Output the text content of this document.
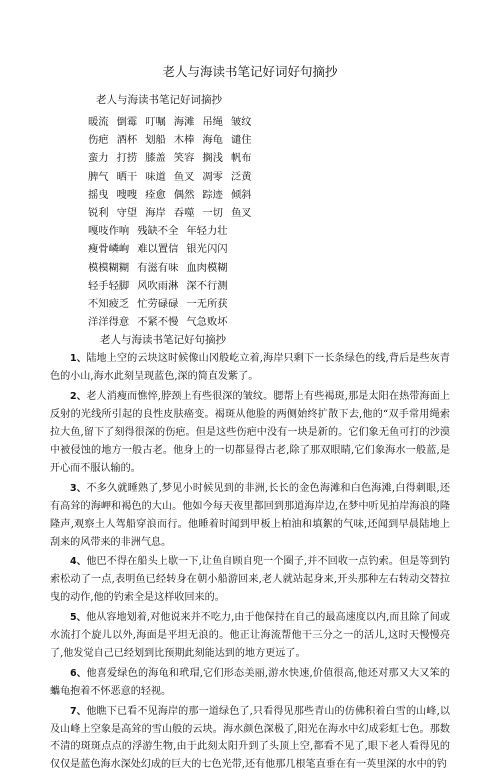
老人与海读书笔记好词好句摘抄
老人与海读书笔记好词摘抄
暖流 倒霉 叮嘱 海滩 吊绳 皱纹
伤疤 酒杯 划船 木棒 海龟 谴住
蛮力 打捞 膝盖 笑容 搁浅 帆布
脾气 晒干 味道 鱼叉 凋零 泛黄
摇曳 嗖嗖 痊愈 偶然 踪迹 倾斜
锐利 守望 海岸 吞噬 一切 鱼叉
嘎吱作响 残缺不全 年轻力壮
瘦骨嶙峋 难以置信 银光闪闪
模模糊糊 有滋有味 血肉模糊
轻手轻脚 风吹雨淋 深不行测
不知疲乏 忙劳碌碌 一无所获
洋洋得意 不紧不慢 气急败坏
老人与海读书笔记好句摘抄

1、陆地上空的云块这时候像山冈般屹立着,海岸只剩下一长条绿色的线,背后是些灰青色的小山,海水此刻呈现蓝色,深的简直发紫了。

2、老人消瘦而憔悴,脖颈上有些很深的皱纹。腮帮上有些褐斑,那是太阳在热带海面上反射的光线所引起的良性皮肤癌变。褐斑从他脸的两侧始终扩散下去,他的“双手常用绳索拉大鱼,留下了刻得很深的伤疤。但是这些伤疤中没有一块是新的。它们象无鱼可打的沙漠中被侵蚀的地方一般古老。他身上的一切都显得古老,除了那双眼睛,它们象海水一般蓝,是开心而不服认输的。

3、不多久就睡熟了,梦见小时候见到的非洲,长长的金色海滩和白色海滩,白得刺眼,还有高耸的海岬和褐色的大山。他如今每天夜里都回到那道海岸边,在梦中听见拍岸海浪的隆隆声,观察土人驾船穿浪而行。他睡着时闻到甲板上柏油和填絮的气味,还闻到早晨陆地上刮来的风带来的非洲气息。

4、他巴不得在船头上歇一下,让鱼自顾自兜一个圈子,并不回收一点钓索。但是等到钓索松动了一点,表明鱼已经转身在朝小船游回来,老人就站起身来,开头那种左右转动交替拉曳的动作,他的钓索全是这样收回来的。

5、他从容地划着,对他说来并不吃力,由于他保持在自己的最高速度以内,而且除了间或水流打个旋儿以外,海面是平坦无浪的。他正让海流帮他干三分之一的活儿,这时天慢慢亮了,他发觉自己已经划到比预期此刻能达到的地方更远了。

6、他喜爱绿色的海龟和玳瑁,它们形态美丽,游水快速,价值很高,他还对那又大又笨的蠵龟抱着不怀恶意的轻视。

7、他瞧下已看不见海岸的那一道绿色了,只看得见那些青山的仿佛积着白雪的山峰,以及山峰上空象是高耸的雪山般的云块。海水颜色深极了,阳光在海水中幻成彩虹七色。那数不清的斑斑点点的浮游生物,由于此刻太阳升到了头顶上空,都看不见了,眼下老人看得见的仅仅是蓝色海水深处幻成的巨大的七色光带,还有他那几根笔直垂在有一英里深的水中的钓
